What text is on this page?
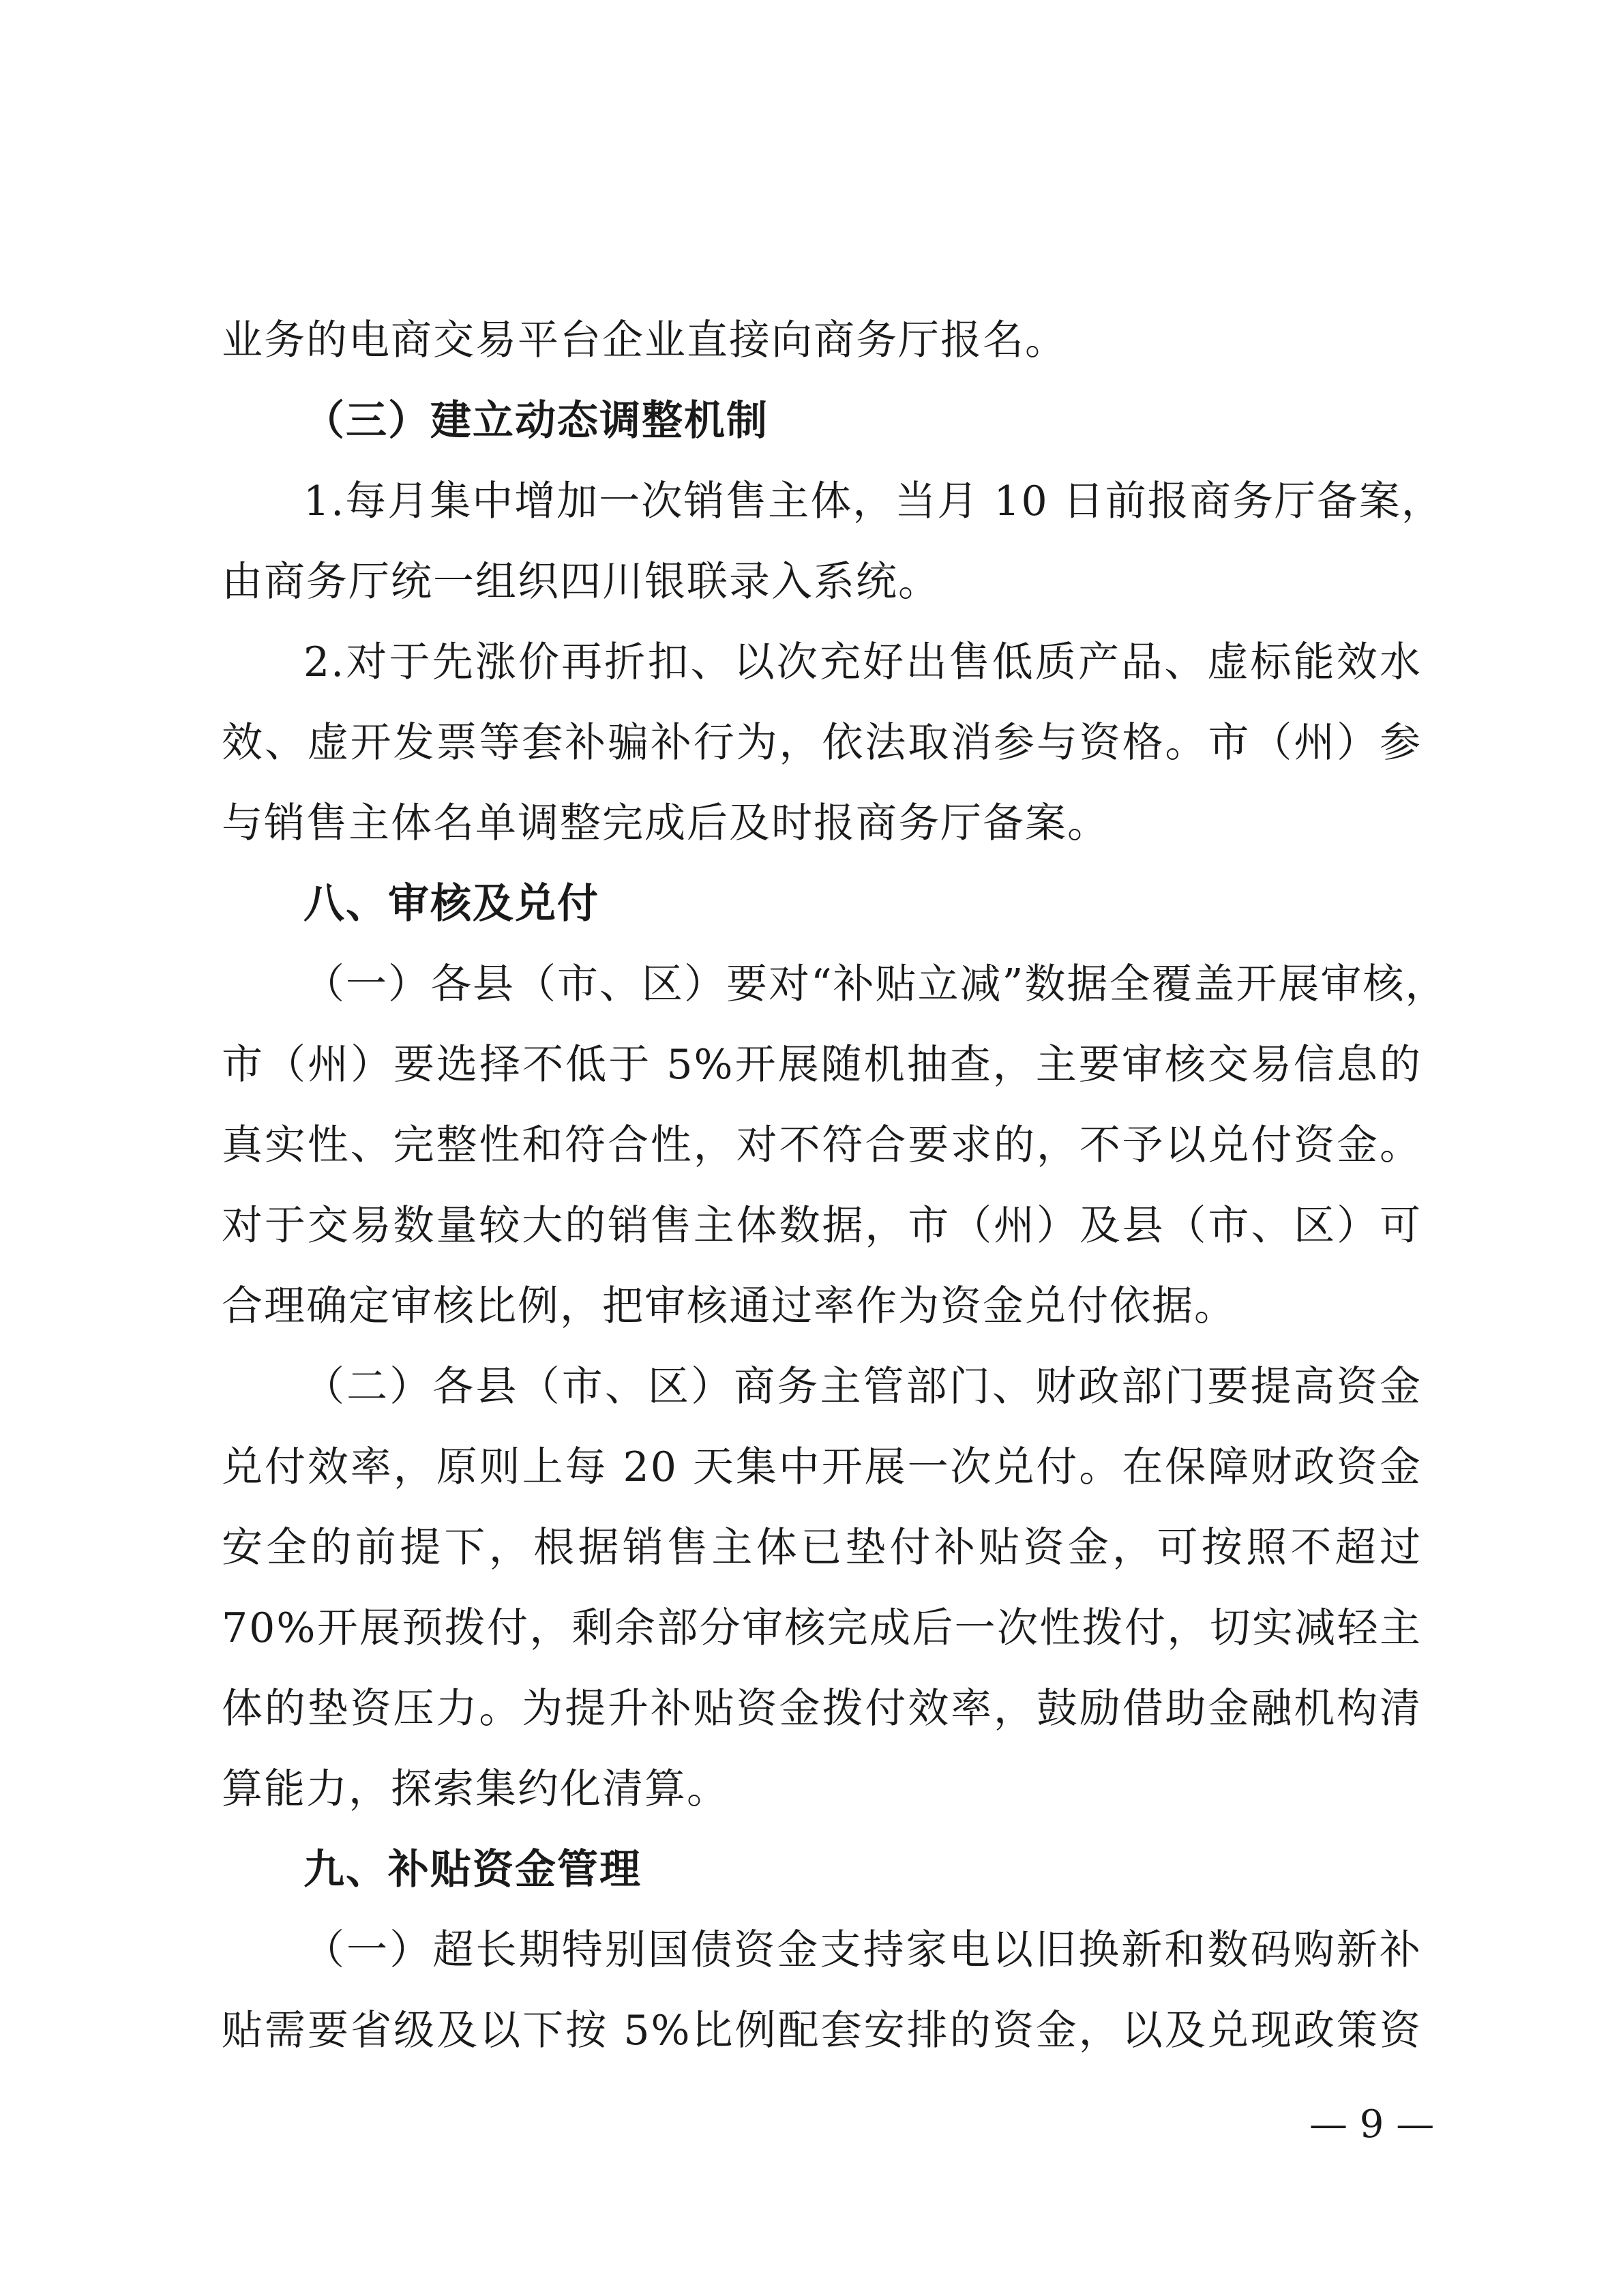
业务的电商交易平台企业直接向商务厅报名。
（三）建立动态调整机制
1.每月集中增加一次销售主体，当月 10 日前报商务厅备案，
由商务厅统一组织四川银联录入系统。
2.对于先涨价再折扣、以次充好出售低质产品、虚标能效水
效、虚开发票等套补骗补行为，依法取消参与资格。市（州）参
与销售主体名单调整完成后及时报商务厅备案。
八、审核及兑付
（一）各县（市、区）要对“补贴立减”数据全覆盖开展审核，
市（州）要选择不低于 5%开展随机抽查，主要审核交易信息的
真实性、完整性和符合性，对不符合要求的，不予以兑付资金。
对于交易数量较大的销售主体数据，市（州）及县（市、区）可
合理确定审核比例，把审核通过率作为资金兑付依据。
（二）各县（市、区）商务主管部门、财政部门要提高资金
兑付效率，原则上每 20 天集中开展一次兑付。在保障财政资金
安全的前提下，根据销售主体已垫付补贴资金，可按照不超过
70%开展预拨付，剩余部分审核完成后一次性拨付，切实减轻主
体的垫资压力。为提升补贴资金拨付效率，鼓励借助金融机构清
算能力，探索集约化清算。
九、补贴资金管理
（一）超长期特别国债资金支持家电以旧换新和数码购新补
贴需要省级及以下按 5%比例配套安排的资金，以及兑现政策资
— 9 —
